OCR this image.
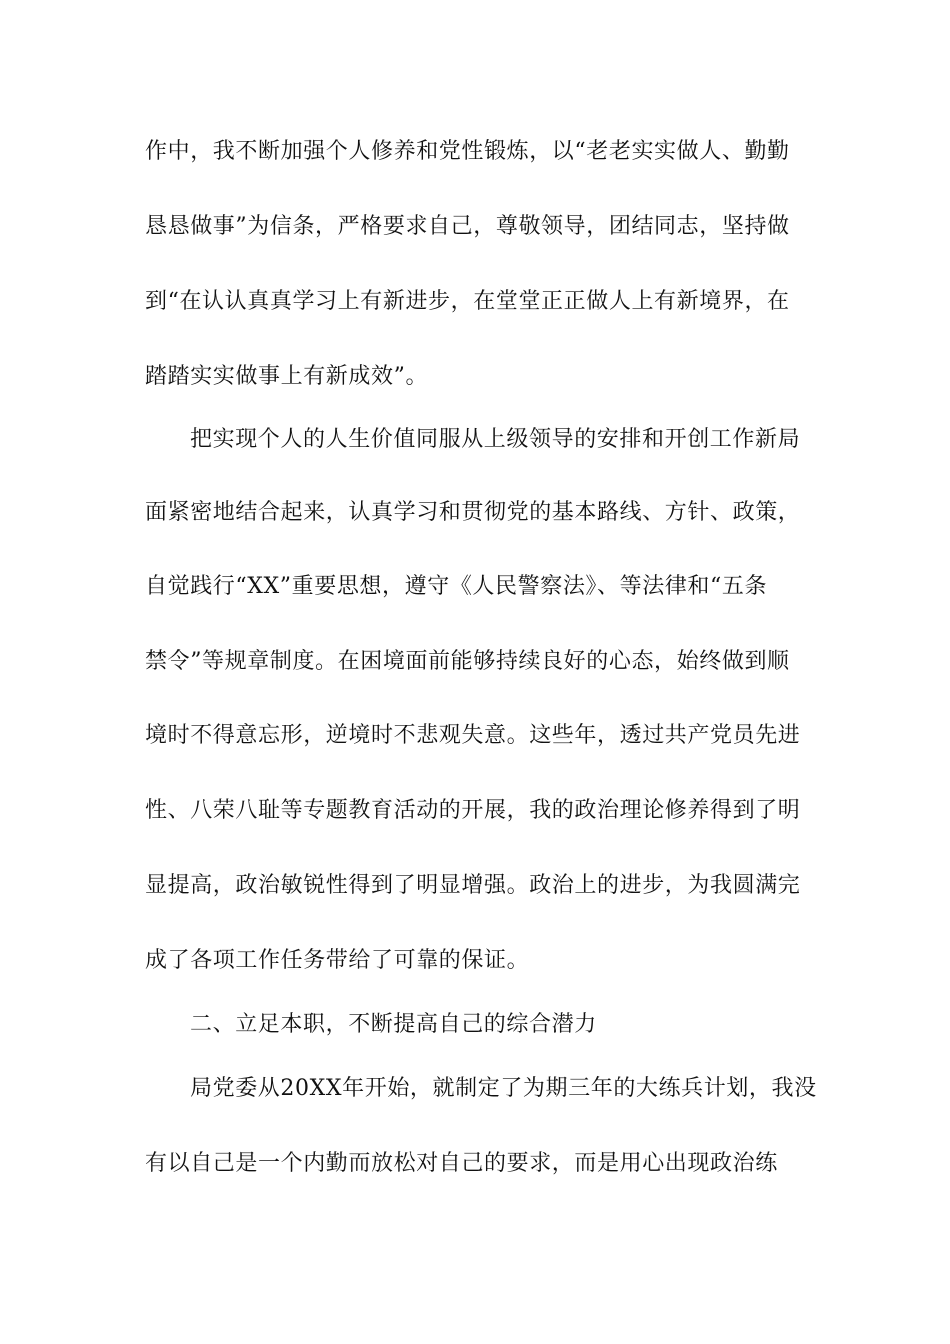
作中，我不断加强个人修养和党性锻炼，以“老老实实做人、勤勤
恳恳做事”为信条，严格要求自己，尊敬领导，团结同志，坚持做
到“在认认真真学习上有新进步，在堂堂正正做人上有新境界，在
踏踏实实做事上有新成效”。
把实现个人的人生价值同服从上级领导的安排和开创工作新局
面紧密地结合起来，认真学习和贯彻党的基本路线、方针、政策，
自觉践行“XX”重要思想，遵守《人民警察法》、等法律和“五条
禁令”等规章制度。在困境面前能够持续良好的心态，始终做到顺
境时不得意忘形，逆境时不悲观失意。这些年，透过共产党员先进
性、八荣八耻等专题教育活动的开展，我的政治理论修养得到了明
显提高，政治敏锐性得到了明显增强。政治上的进步，为我圆满完
成了各项工作任务带给了可靠的保证。
二、立足本职，不断提高自己的综合潜力
局党委从20XX年开始，就制定了为期三年的大练兵计划，我没
有以自己是一个内勤而放松对自己的要求，而是用心出现政治练
